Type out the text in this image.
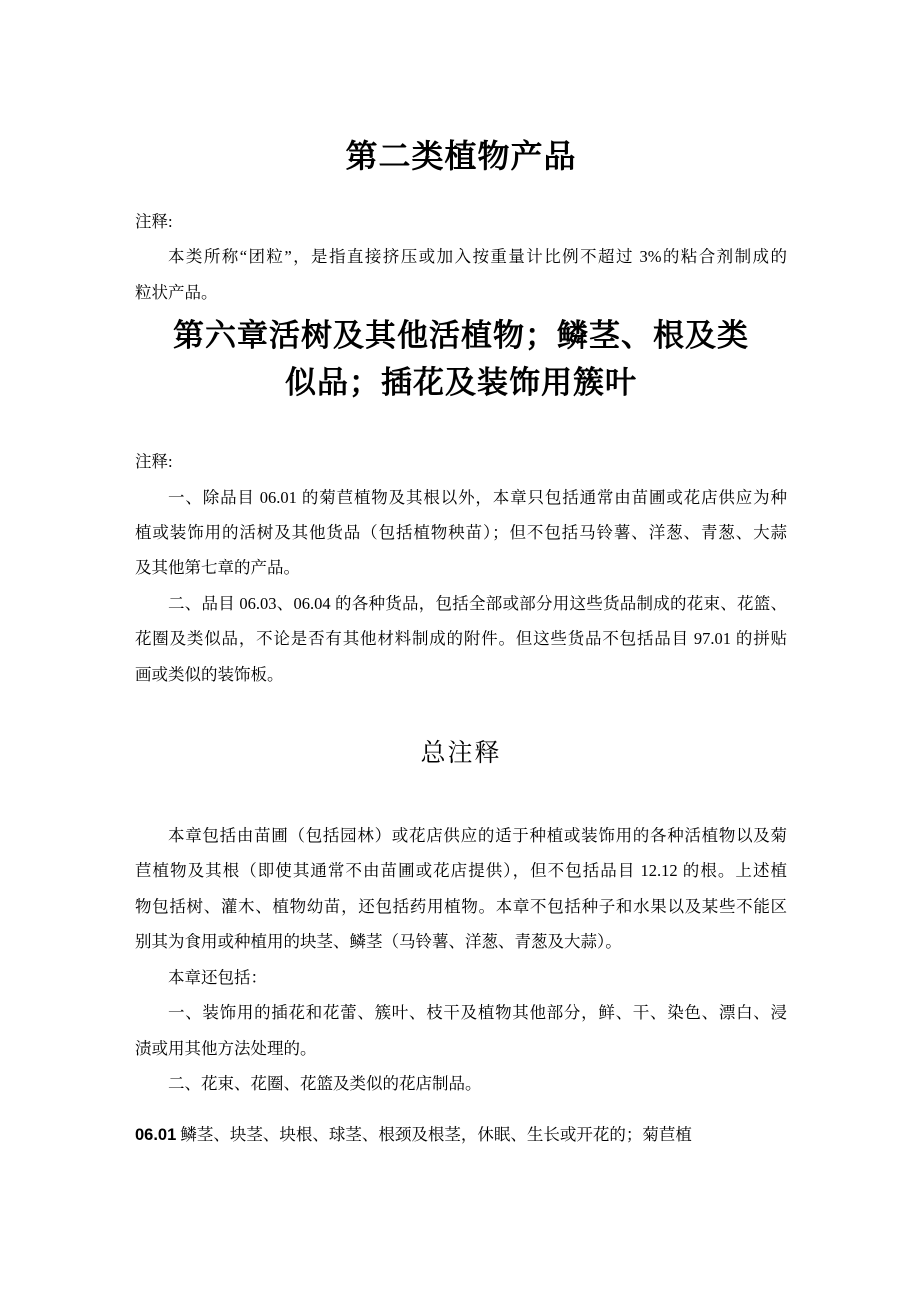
第二类植物产品
注释:
本类所称“团粒”，是指直接挤压或加入按重量计比例不超过 3%的粘合剂制成的
粒状产品。
第六章活树及其他活植物；鳞茎、根及类
似品；插花及装饰用簇叶
注释:
一、除品目 06.01 的菊苣植物及其根以外，本章只包括通常由苗圃或花店供应为种
植或装饰用的活树及其他货品（包括植物秧苗）；但不包括马铃薯、洋葱、青葱、大蒜
及其他第七章的产品。
二、品目 06.03、06.04 的各种货品，包括全部或部分用这些货品制成的花束、花篮、
花圈及类似品，不论是否有其他材料制成的附件。但这些货品不包括品目 97.01 的拼贴
画或类似的装饰板。
总注释
本章包括由苗圃（包括园林）或花店供应的适于种植或装饰用的各种活植物以及菊
苣植物及其根（即使其通常不由苗圃或花店提供），但不包括品目 12.12 的根。上述植
物包括树、灌木、植物幼苗，还包括药用植物。本章不包括种子和水果以及某些不能区
别其为食用或种植用的块茎、鳞茎（马铃薯、洋葱、青葱及大蒜）。
本章还包括：
一、装饰用的插花和花蕾、簇叶、枝干及植物其他部分，鲜、干、染色、漂白、浸
渍或用其他方法处理的。
二、花束、花圈、花篮及类似的花店制品。
06.01 鳞茎、块茎、块根、球茎、根颈及根茎，休眠、生长或开花的；菊苣植
